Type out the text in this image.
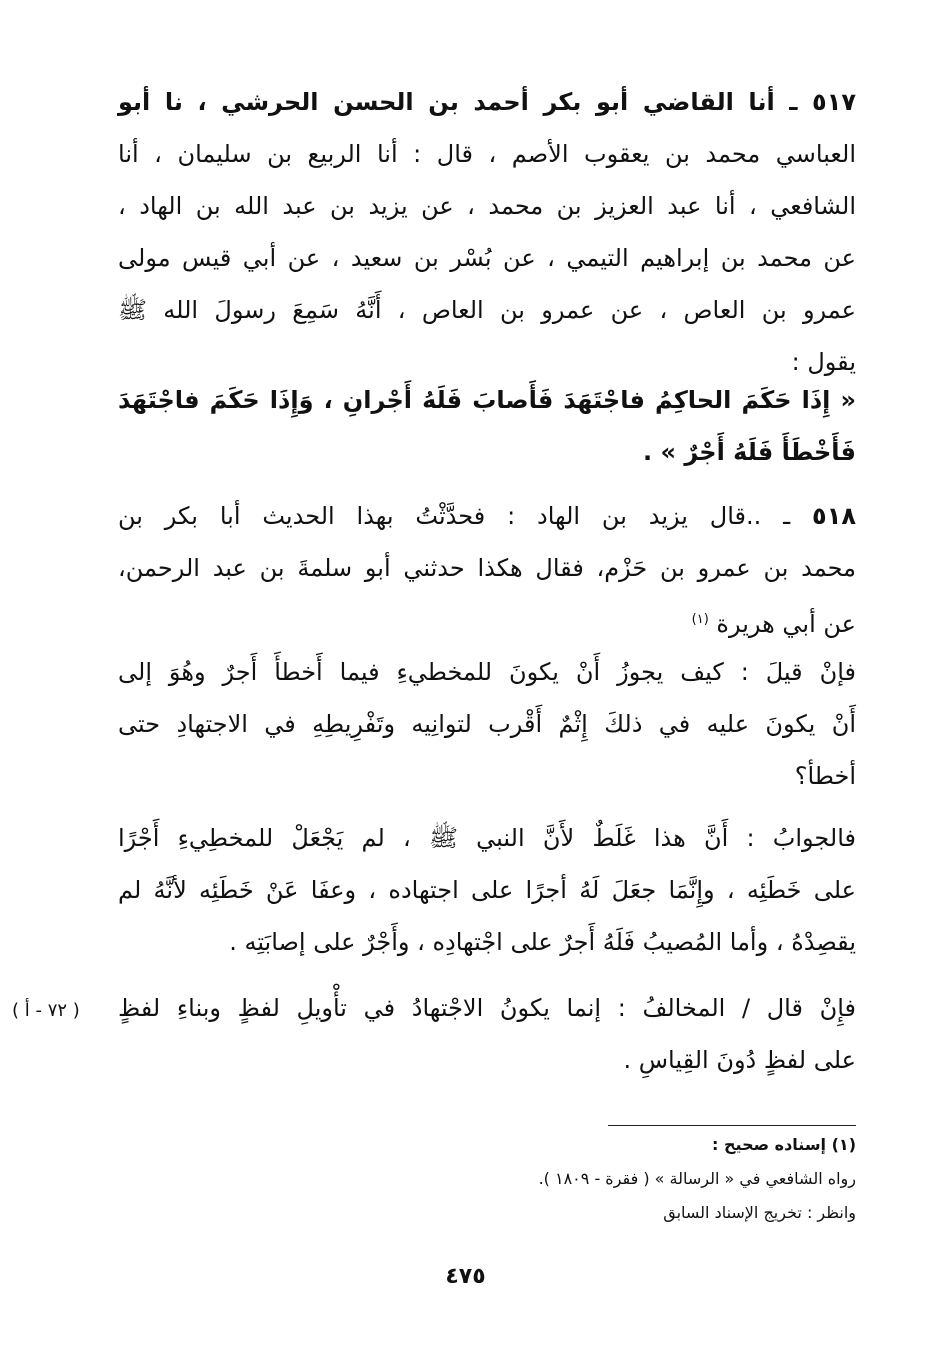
٥١٧ ـ أنا القاضي أبو بكر أحمد بن الحسن الحرشي ، نا أبو
العباسي محمد بن يعقوب الأصم ، قال : أنا الربيع بن سليمان ، أنا
الشافعي ، أنا عبد العزيز بن محمد ، عن يزيد بن عبد الله بن الهاد ،
عن محمد بن إبراهيم التيمي ، عن بُسْر بن سعيد ، عن أبي قيس مولى
عمرو بن العاص ، عن عمرو بن العاص ، أَنَّهُ سَمِعَ رسولَ الله ﷺ
يقول :
« إِذَا حَكَمَ الحاكِمُ فاجْتَهَدَ فَأَصابَ فَلَهُ أَجْرانِ ، وَإِذَا حَكَمَ فاجْتَهَدَ
فَأَخْطَأَ فَلَهُ أَجْرٌ » .
٥١٨ ـ ..قال يزيد بن الهاد : فحدَّثْتُ بهذا الحديث أبا بكر بن
محمد بن عمرو بن حَزْم، فقال هكذا حدثني أبو سلمةَ بن عبد الرحمن،
عن أبي هريرة $^{(١)}$
فإنْ قيلَ : كيف يجوزُ أَنْ يكونَ للمخطيءِ فيما أَخطأَ أَجرٌ وهُوَ إلى
أَنْ يكونَ عليه في ذلكَ إِثْمٌ أَقْرب لتوانِيه وتَفْرِيطِهِ في الاجتهادِ حتى
أخطأ؟
فالجوابُ : أَنَّ هذا غَلَطٌ لأَنَّ النبي ﷺ ، لم يَجْعَلْ للمخطِيءِ أَجْرًا
على خَطَئِه ، وإِنَّمَا جعَلَ لَهُ أجرًا على اجتهاده ، وعفَا عَنْ خَطَئِه لأنَّهُ لم
يقصِدْهُ ، وأما المُصيبُ فَلَهُ أَجرٌ على اجْتهادِه ، وأَجْرٌ على إصابَتِه .
فإِنْ قال / المخالفُ : إنما يكونُ الاجْتهادُ في تأْويلِ لفظٍ وبناءِ لفظٍ
على لفظٍ دُونَ القِياسِ .
( ٧٢ - أ )
(١) إسناده صحيح :
رواه الشافعي في « الرسالة » ( فقرة - ١٨٠٩ ).
وانظر : تخريج الإسناد السابق
٤٧٥
